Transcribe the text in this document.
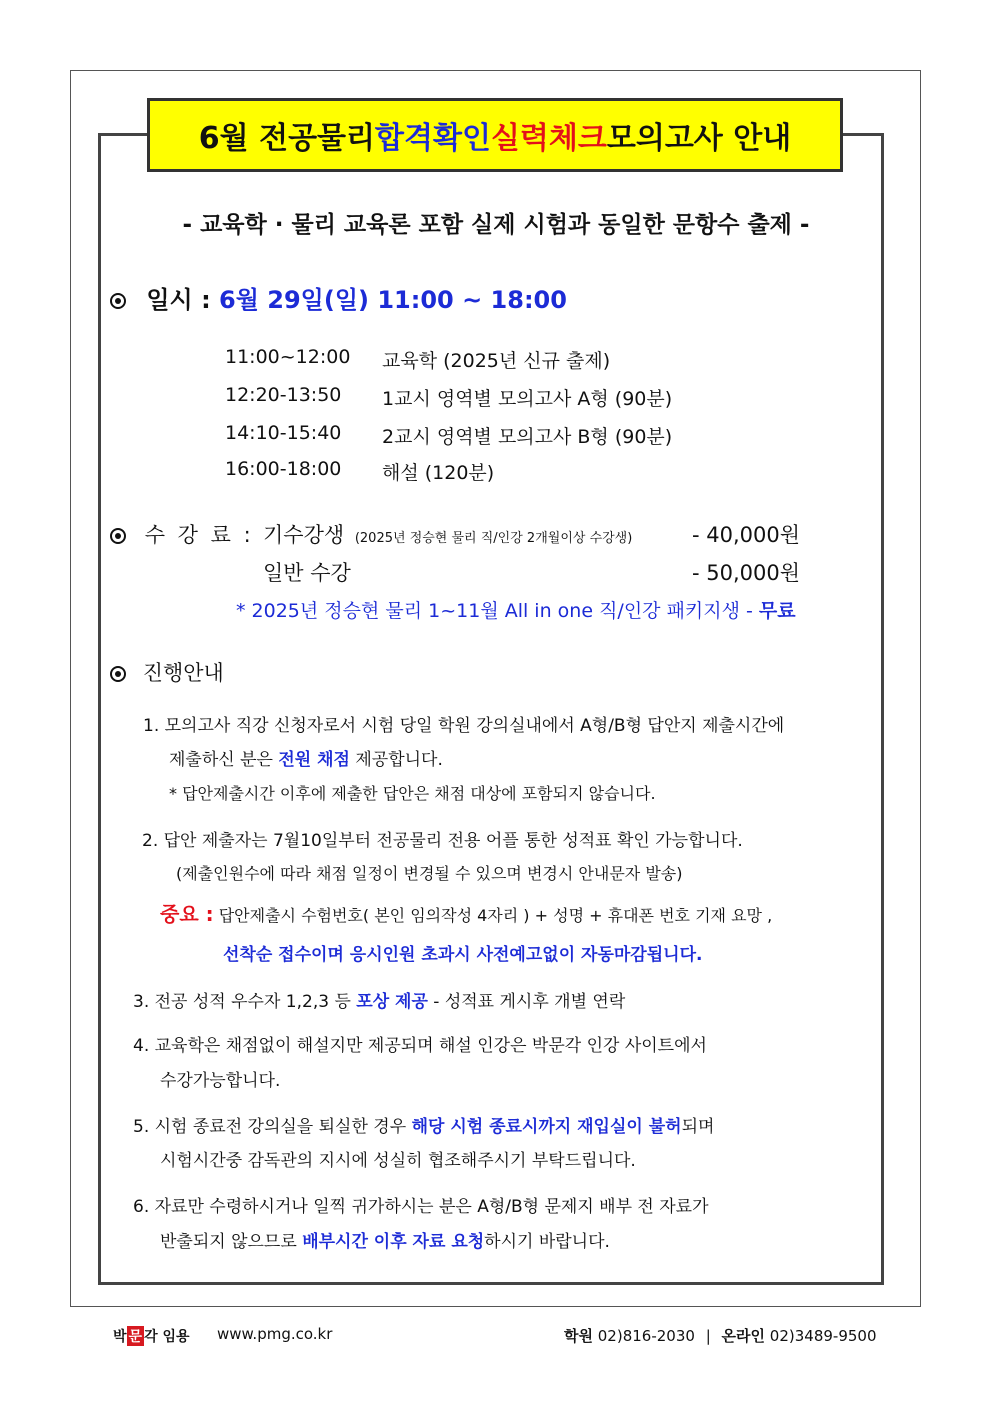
6월 전공물리 합격확인 실력체크 모의고사 안내
- 교육학 · 물리 교육론 포함 실제 시험과 동일한 문항수 출제 -
일시 : 6월 29일(일) 11:00 ~ 18:00
11:00~12:00 교육학 (2025년 신규 출제)
12:20-13:50 1교시 영역별 모의고사 A형 (90분)
14:10-15:40 2교시 영역별 모의고사 B형 (90분)
16:00-18:00 해설 (120분)
수 강 료 : 기수강생 (2025년 정승현 물리 직/인강 2개월이상 수강생)	- 40,000원
일반 수강	- 50,000원
* 2025년 정승현 물리 1~11월 All in one 직/인강 패키지생 - 무료
진행안내
1. 모의고사 직강 신청자로서 시험 당일 학원 강의실내에서 A형/B형 답안지 제출시간에
제출하신 분은 전원 채점 제공합니다.
* 답안제출시간 이후에 제출한 답안은 채점 대상에 포함되지 않습니다.
2. 답안 제출자는 7월10일부터 전공물리 전용 어플 통한 성적표 확인 가능합니다.
(제출인원수에 따라 채점 일정이 변경될 수 있으며 변경시 안내문자 발송)
중요 : 답안제출시 수험번호( 본인 임의작성 4자리 ) + 성명 + 휴대폰 번호 기재 요망 ,
선착순 접수이며 응시인원 초과시 사전예고없이 자동마감됩니다.
3. 전공 성적 우수자 1,2,3 등 포상 제공 - 성적표 게시후 개별 연락
4. 교육학은 채점없이 해설지만 제공되며 해설 인강은 박문각 인강 사이트에서
수강가능합니다.
5. 시험 종료전 강의실을 퇴실한 경우 해당 시험 종료시까지 재입실이 불허되며
시험시간중 감독관의 지시에 성실히 협조해주시기 부탁드립니다.
6. 자료만 수령하시거나 일찍 귀가하시는 분은 A형/B형 문제지 배부 전 자료가
반출되지 않으므로 배부시간 이후 자료 요청하시기 바랍니다.
박 문 각 임용 www.pmg.co.kr	학원 02)816-2030 | 온라인 02)3489-9500
